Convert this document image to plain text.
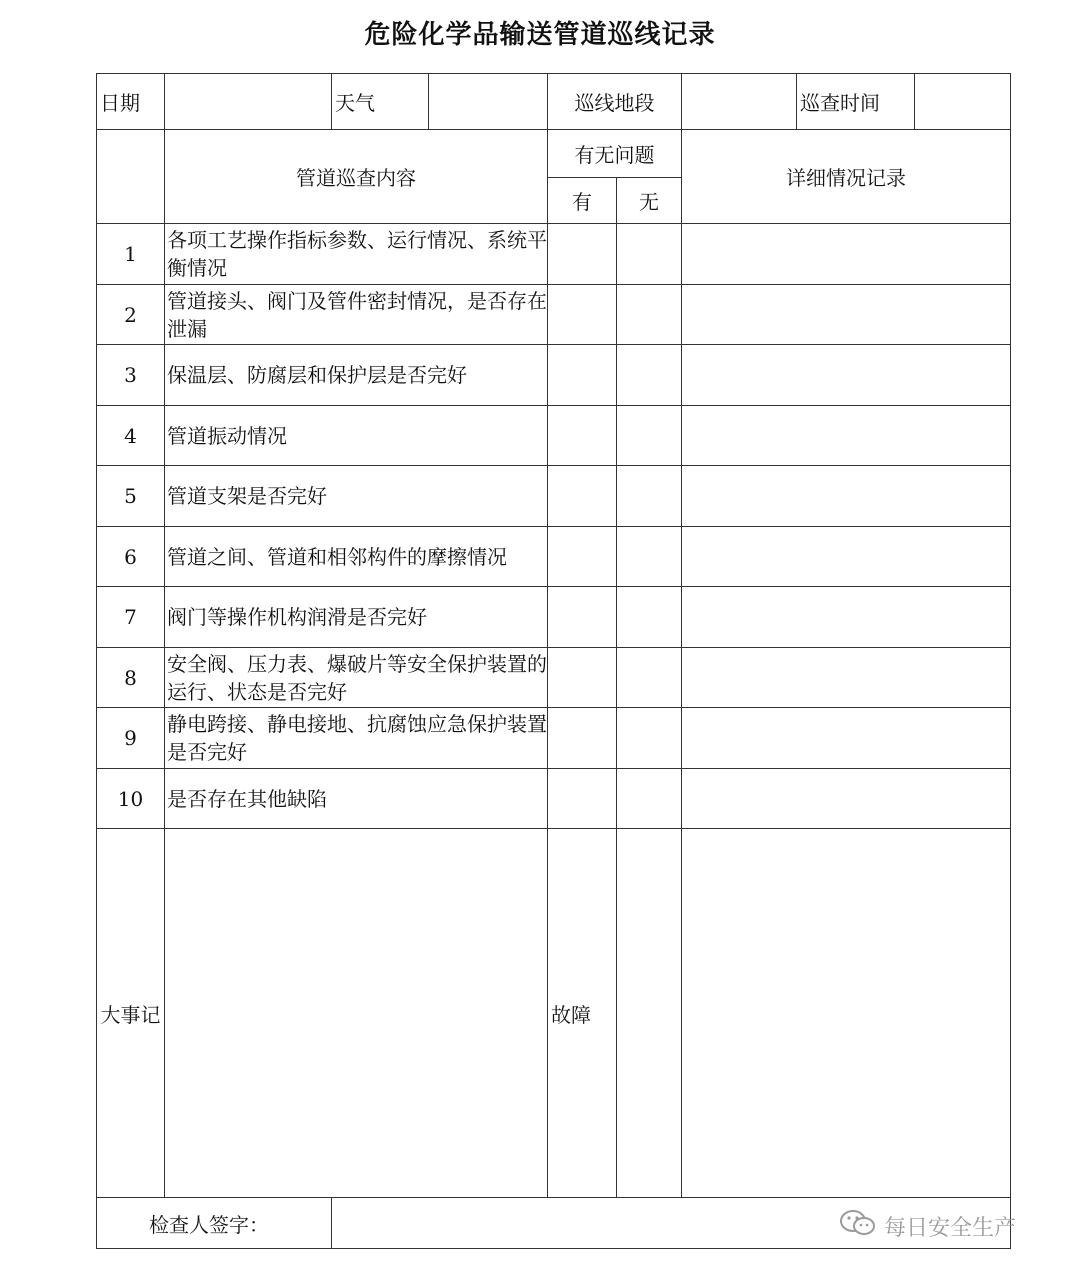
危险化学品输送管道巡线记录
日期		天气		巡线地段			巡查时间	
	管道巡查内容			有无问题		详细情况记录		
				有	无			
1	各项工艺操作指标参数、运行情况、系统平衡情况							
2	管道接头、阀门及管件密封情况，是否存在泄漏							
3	保温层、防腐层和保护层是否完好							
4	管道振动情况							
5	管道支架是否完好							
6	管道之间、管道和相邻构件的摩擦情况							
7	阀门等操作机构润滑是否完好							
8	安全阀、压力表、爆破片等安全保护装置的运行、状态是否完好							
9	静电跨接、静电接地、抗腐蚀应急保护装置是否完好							
10	是否存在其他缺陷							
大事记				故障				
检查人签字：									每日安全生产
